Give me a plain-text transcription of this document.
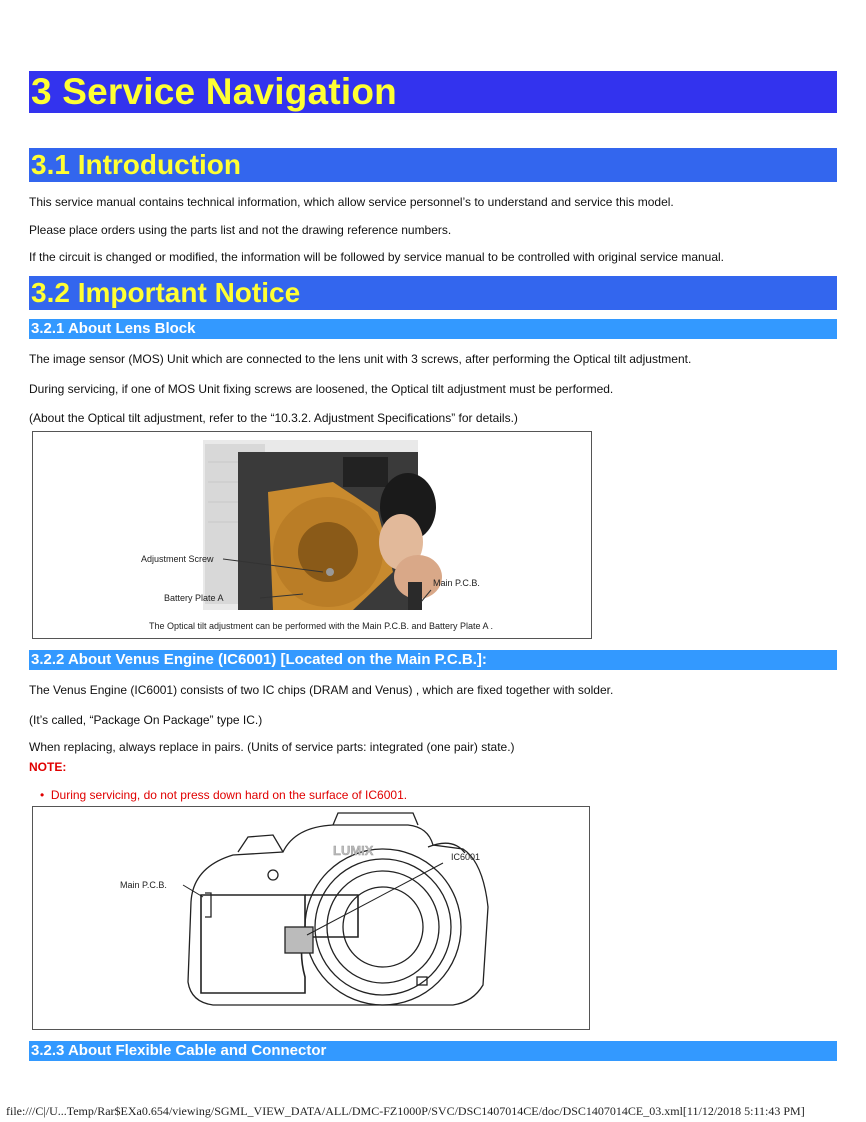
3 Service Navigation
3.1 Introduction
This service manual contains technical information, which allow service personnel’s to understand and service this model.
Please place orders using the parts list and not the drawing reference numbers.
If the circuit is changed or modified, the information will be followed by service manual to be controlled with original service manual.
3.2 Important Notice
3.2.1 About Lens Block
The image sensor (MOS) Unit which are connected to the lens unit with 3 screws, after performing the Optical tilt adjustment.
During servicing, if one of MOS Unit fixing screws are loosened, the Optical tilt adjustment must be performed.
(About the Optical tilt adjustment, refer to the “10.3.2. Adjustment Specifications” for details.)
Adjustment Screw
Battery Plate A
Main P.C.B.
The Optical tilt adjustment can be performed with the Main P.C.B. and Battery Plate A .
3.2.2 About Venus Engine (IC6001) [Located on the Main P.C.B.]:
The Venus Engine (IC6001) consists of two IC chips (DRAM and Venus) , which are fixed together with solder.
(It’s called, “Package On Package” type IC.)
When replacing, always replace in pairs. (Units of service parts: integrated (one pair) state.)
NOTE:
• During servicing, do not press down hard on the surface of IC6001.
LUMIX
Main P.C.B.
IC6001
3.2.3 About Flexible Cable and Connector
file:///C|/U...Temp/Rar$EXa0.654/viewing/SGML_VIEW_DATA/ALL/DMC-FZ1000P/SVC/DSC1407014CE/doc/DSC1407014CE_03.xml[11/12/2018 5:11:43 PM]
